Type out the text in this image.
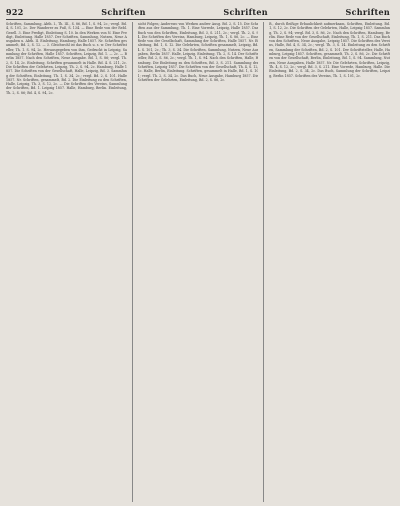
922	Schriften	Schriften	Schriften

Schriften, Sammlung, Abth. I., Th. III., S. 86, Bd. 1, S. 94, 2c.; vergl. Bd. 4, S. 101, 2c. Der Wanderer zu Fuß, S. 134. — Eine Rede von der Rebl. Gesell. 3. Eine Predigt, Einleitung S. 10. In den Werken von N. Eine Predigt, Einleitung. Halle 1857. Der Schriften, Sammlung, Nutzen, Neue Ausgaben u. Abth. II. Einleitung, Hamburg, Halle 1857. Nr. Schriften gesammelt, Bd. 2, S. 12. — 3. Gleichwohl ist das Buch u. s. w. Der Schriftsteller, Th. 1. S. 94, 2c. Herausgegeben von ihm, Gedruckt in Leipzig, Sammlung der Schriften, Halle 1857. Schriften, Leipzig, Bd. 1. — 2c. — Berlin 1857. Nach den Schriften, Neue Ausgabe. Bd. 1, S. 86; vergl. Th. 2, S. 14, 2c. Einleitung, Schriften gesammelt in Halle. Bd. 4. S. 211, 2c. Die Schriften der Gelehrten, Leipzig, Th. 2, S. 94, 2c. Hamburg, Halle 1857. Die Schriften von der Gesellschaft, Halle, Leipzig, Bd. 3. Sammlung der Schriften, Einleitung, Th. 1, S. 34, 2c.; vergl. Bd. 2, S. 101. Halle 1857. Nr. Schriften, gesammelt, Bd. 2. Die Einleitung zu den Schriften, Halle, Leipzig, Th. 3, S. 12, 2c. — Die Schriften des Vereins, Sammlung der Schriften, Bd. 1. Leipzig 1857. Halle, Hamburg, Berlin. Einleitung, Th. 2, S. 86; Bd. 4, S. 94, 2c.

nicht Folgen; Anderswo von Werken andrer Ausg. Bd. 2, S. 15. Die Schriften aus der Sammlung, Th. 1. Eine Vorrede, Leipzig, Halle 1857. Das Buch von den Schriften, Einleitung, Bd. 3, S. 211, 2c.; vergl. Th. 2, S. 94. Die Schriften des Vereins, Hamburg, Leipzig, Th. 1, S. 86, 2c. — Eine Rede von der Gesellschaft, Sammlung der Schriften, Halle 1857. Nr. Einleitung, Bd. 1, S. 12. Die Gelehrten, Schriften gesammelt, Leipzig, Bd. 4. S. 101, 2c.; Th. 3, S. 34. Die Schriften, Sammlung, Nutzen, Neue Ausgaben, Berlin 1857. Halle, Leipzig. Einleitung, Th. 2, S. 14. Der Schriftsteller, Bd. 2, S. 86, 2c.; vergl. Th. 1, S. 94. Nach den Schriften, Halle, Hamburg. Die Einleitung zu den Schriften, Bd. 3, S. 211. Sammlung der Schriften, Leipzig 1857. Die Schriften von der Gesellschaft, Th. 4, S. 12, 2c. Halle, Berlin, Einleitung. Schriften, gesammelt in Halle, Bd. 1, S. 101; vergl. Th. 2, S. 34, 2c. Das Buch, Neue Ausgabe, Hamburg 1857. Die Schriften der Gelehrten, Einleitung, Bd. 2, S. 86, 2c.

B., durch fleißige Erbaulichkeit aufmerksam, Schriften, Einleitung. Bd. 1, S. 12, 2c. Die Schriften der Gelehrten, Halle, Leipzig 1857. Sammlung, Th. 2, S. 94; vergl. Bd. 3, S. 86, 2c. Nach den Schriften, Hamburg, Berlin. Eine Rede von der Gesellschaft, Einleitung, Th. 1, S. 211. Das Buch von den Schriften, Neue Ausgabe, Leipzig 1857. Die Schriften des Vereins, Halle, Bd. 4, S. 34, 2c.; vergl. Th. 3, S. 14. Einleitung zu den Schriften, Sammlung der Schriften, Bd. 2, S. 101. Der Schriftsteller, Halle, Hamburg, Leipzig 1857. Schriften, gesammelt, Th. 2, S. 86, 2c. Die Schriften von der Gesellschaft, Berlin, Einleitung, Bd. 1, S. 94. Sammlung, Nutzen, Neue Ausgaben, Halle 1857. Nr. Die Gelehrten, Schriften, Leipzig, Th. 4, S. 12, 2c.; vergl. Bd. 3, S. 211. Eine Vorrede, Hamburg, Halle. Die Einleitung, Bd. 2, S. 34, 2c. Das Buch, Sammlung der Schriften, Leipzig, Berlin 1857. Schriften des Vereins, Th. 1, S. 101, 2c.
